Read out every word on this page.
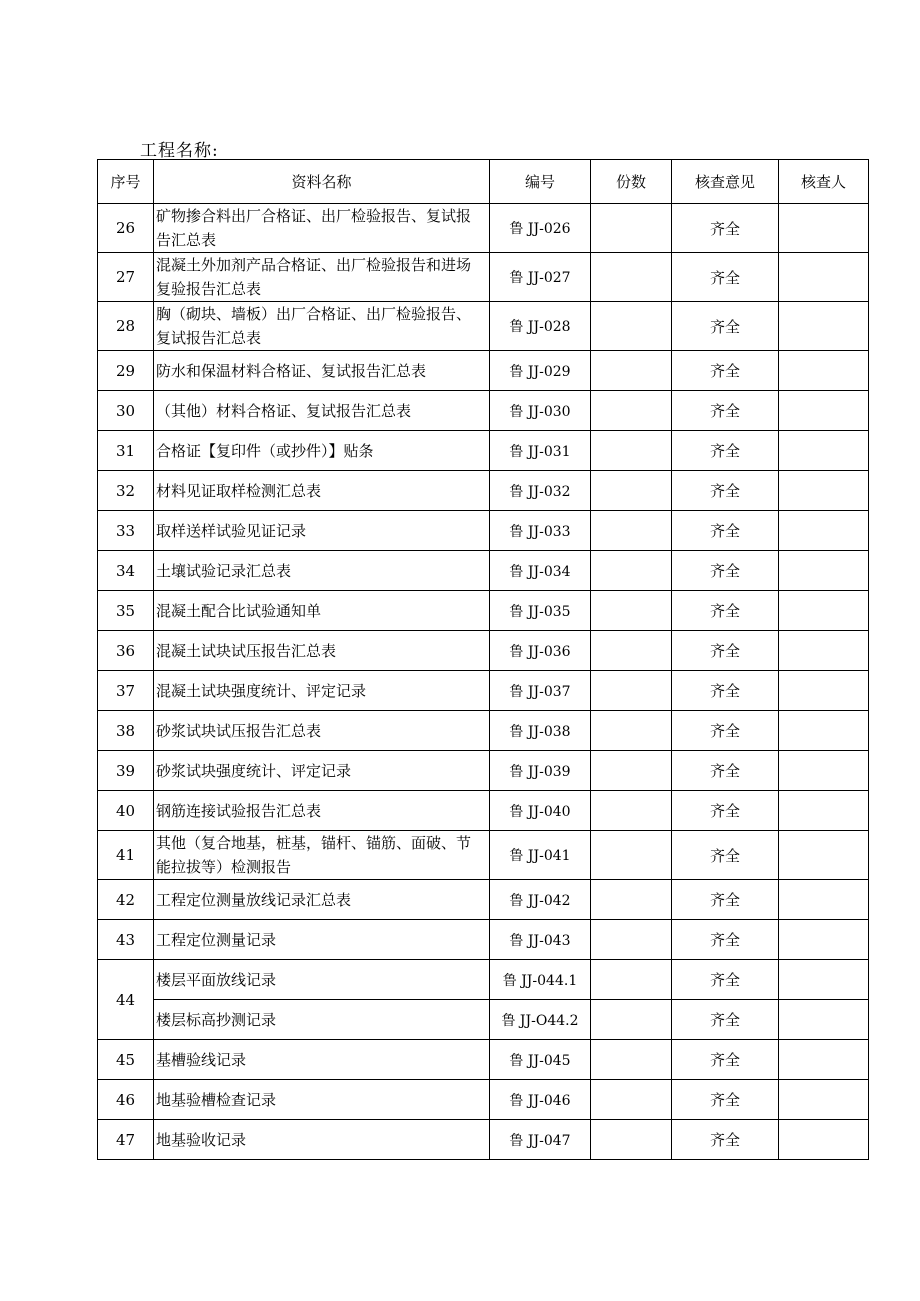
工程名称:
序号	资料名称	编号	份数	核查意见	核查人
26	矿物掺合料出厂合格证、出厂检验报告、复试报告汇总表	鲁 JJ-026		齐全	
27	混凝土外加剂产品合格证、出厂检验报告和进场复验报告汇总表	鲁 JJ-027		齐全	
28	胸（砌块、墙板）出厂合格证、出厂检验报告、复试报告汇总表	鲁 JJ-028		齐全	
29	防水和保温材料合格证、复试报告汇总表	鲁 JJ-029		齐全	
30	（其他）材料合格证、复试报告汇总表	鲁 JJ-030		齐全	
31	合格证【复印件（或抄件）】贴条	鲁 JJ-031		齐全	
32	材料见证取样检测汇总表	鲁 JJ-032		齐全	
33	取样送样试验见证记录	鲁 JJ-033		齐全	
34	土壤试验记录汇总表	鲁 JJ-034		齐全	
35	混凝土配合比试验通知单	鲁 JJ-035		齐全	
36	混凝土试块试压报告汇总表	鲁 JJ-036		齐全	
37	混凝土试块强度统计、评定记录	鲁 JJ-037		齐全	
38	砂浆试块试压报告汇总表	鲁 JJ-038		齐全	
39	砂浆试块强度统计、评定记录	鲁 JJ-039		齐全	
40	钢筋连接试验报告汇总表	鲁 JJ-040		齐全	
41	其他（复合地基，桩基，锚杆、锚筋、面破、节能拉拔等）检测报告	鲁 JJ-041		齐全	
42	工程定位测量放线记录汇总表	鲁 JJ-042		齐全	
43	工程定位测量记录	鲁 JJ-043		齐全	
44	楼层平面放线记录	鲁 JJ-044.1		齐全	
	楼层标高抄测记录	鲁 JJ-O44.2		齐全	
45	基槽验线记录	鲁 JJ-045		齐全	
46	地基验槽检查记录	鲁 JJ-046		齐全	
47	地基验收记录	鲁 JJ-047		齐全	
